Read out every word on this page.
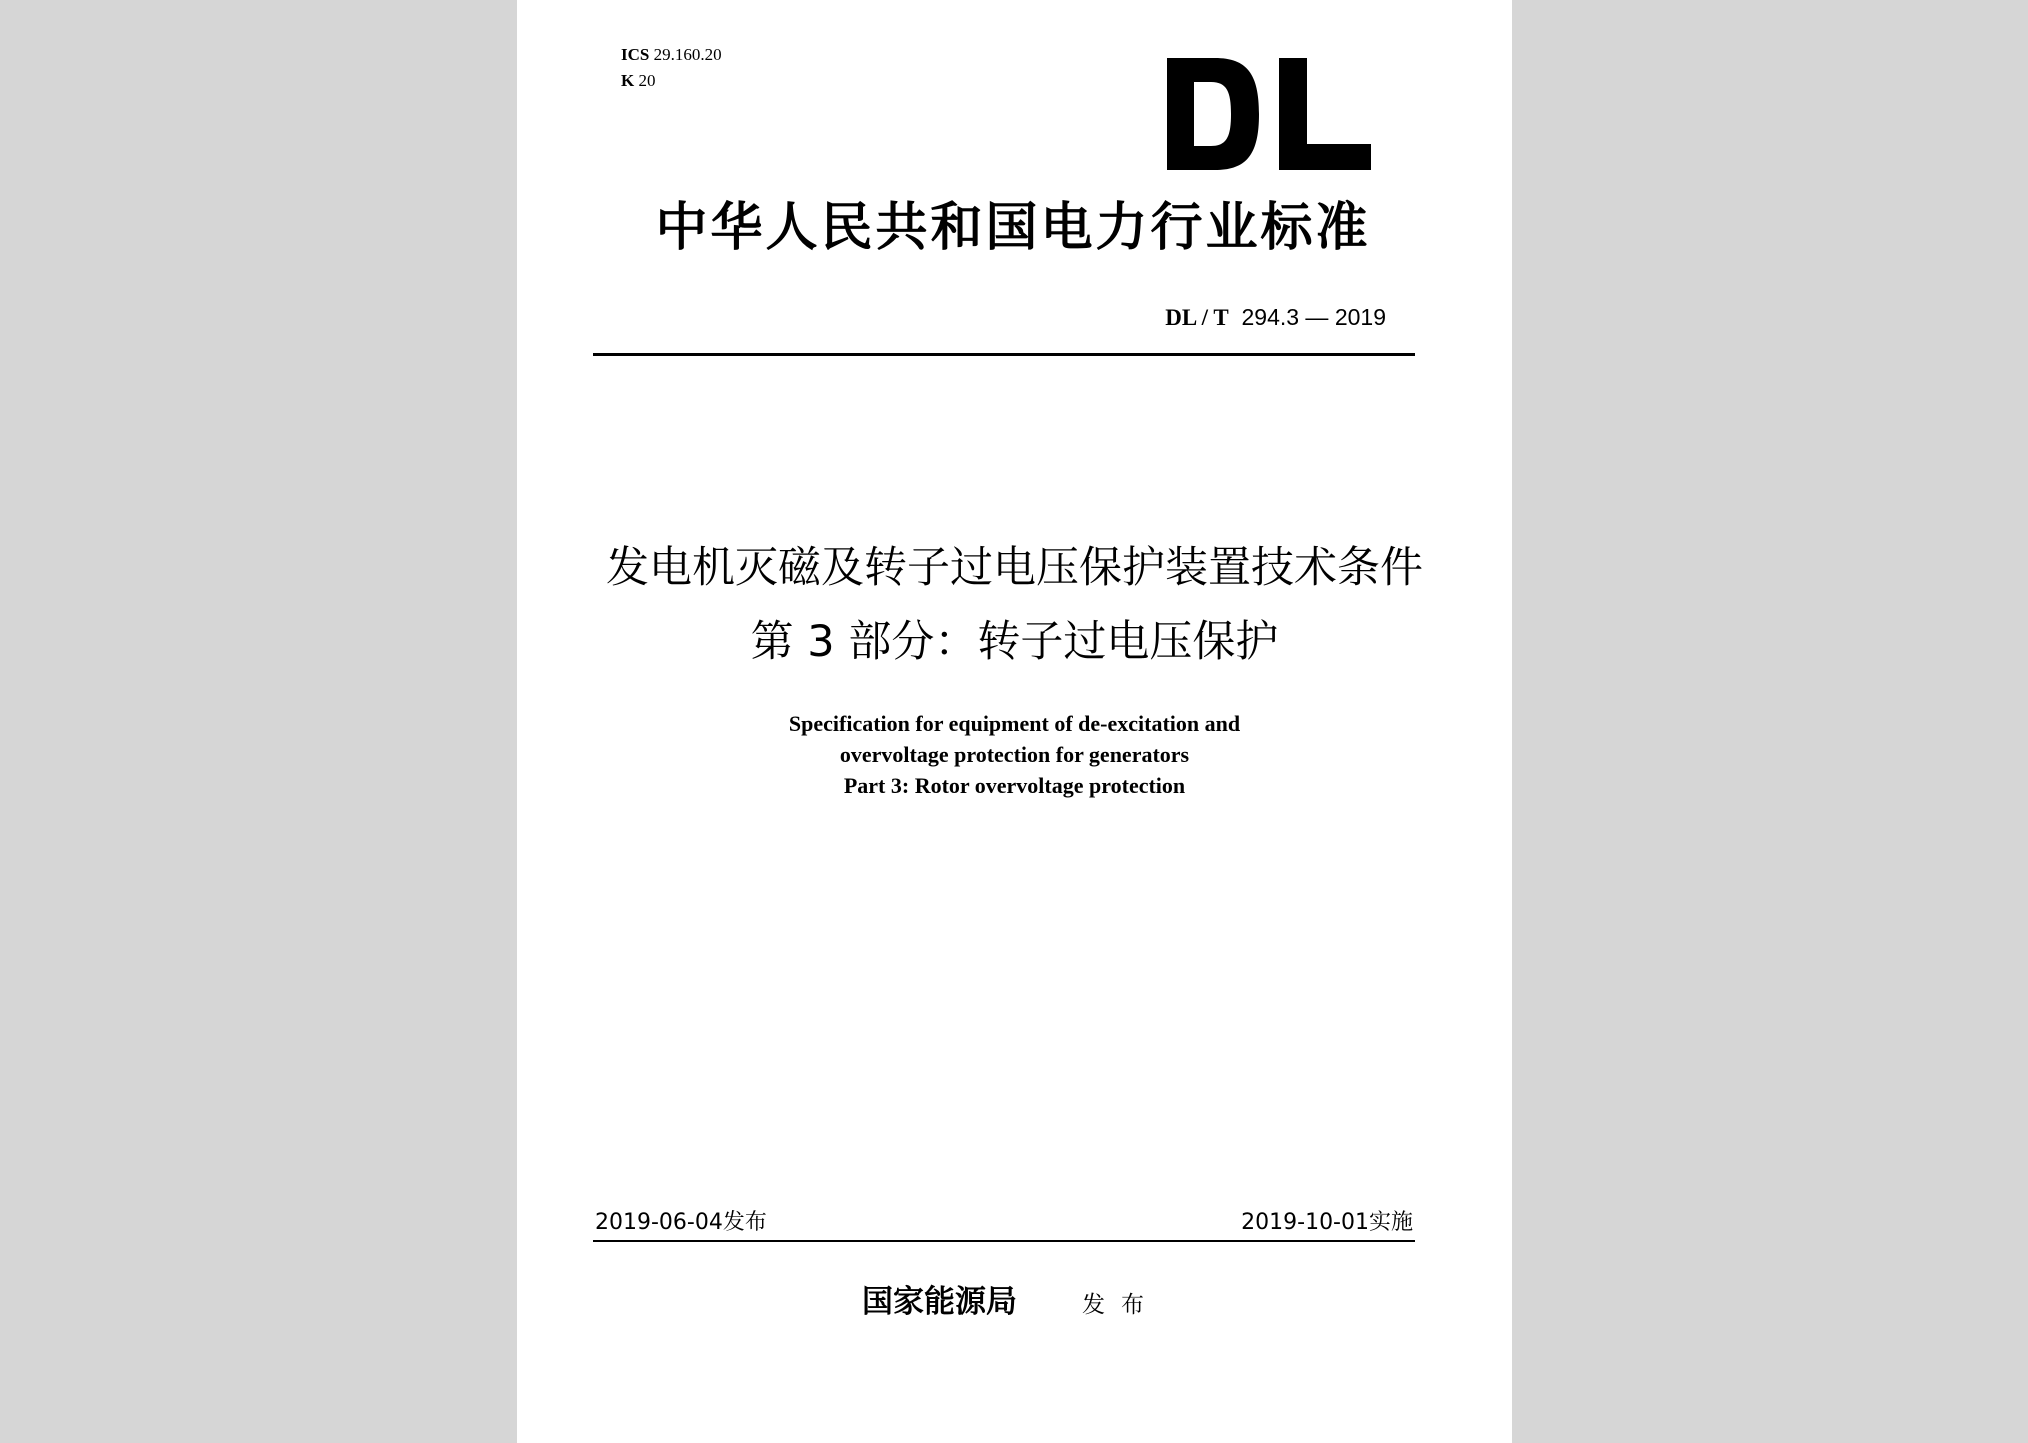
ICS 29.160.20
K 20
中华人民共和国电力行业标准
DL / T 294.3 — 2019
发电机灭磁及转子过电压保护装置技术条件
第 3 部分：转子过电压保护
Specification for equipment of de-excitation and
overvoltage protection for generators
Part 3: Rotor overvoltage protection
2019-06-04发布	2019-10-01实施
国家能源局	发布
